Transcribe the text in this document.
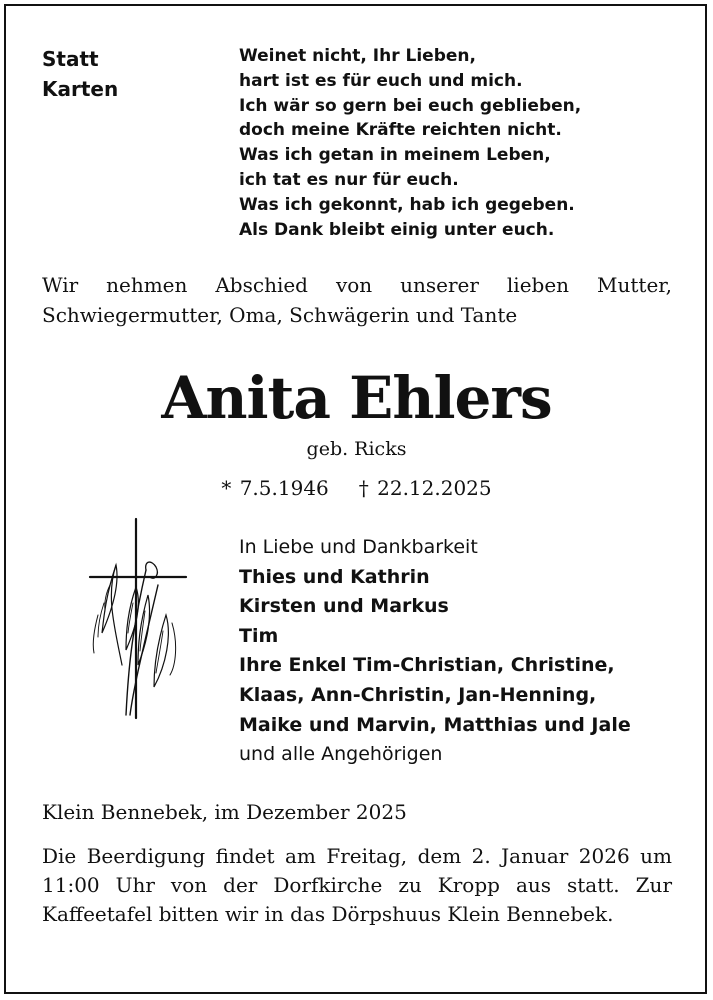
Statt
Karten
Weinet nicht, Ihr Lieben,
hart ist es für euch und mich.
Ich wär so gern bei euch geblieben,
doch meine Kräfte reichten nicht.
Was ich getan in meinem Leben,
ich tat es nur für euch.
Was ich gekonnt, hab ich gegeben.
Als Dank bleibt einig unter euch.
Wir nehmen Abschied von unserer lieben Mutter, Schwiegermutter, Oma, Schwägerin und Tante
Anita Ehlers
geb. Ricks
* 7.5.1946 † 22.12.2025
In Liebe und Dankbarkeit
Thies und Kathrin
Kirsten und Markus
Tim
Ihre Enkel Tim-Christian, Christine,
Klaas, Ann-Christin, Jan-Henning,
Maike und Marvin, Matthias und Jale
und alle Angehörigen
Klein Bennebek, im Dezember 2025
Die Beerdigung findet am Freitag, dem 2. Januar 2026 um 11:00 Uhr von der Dorfkirche zu Kropp aus statt. Zur Kaffeetafel bitten wir in das Dörpshuus Klein Bennebek.
